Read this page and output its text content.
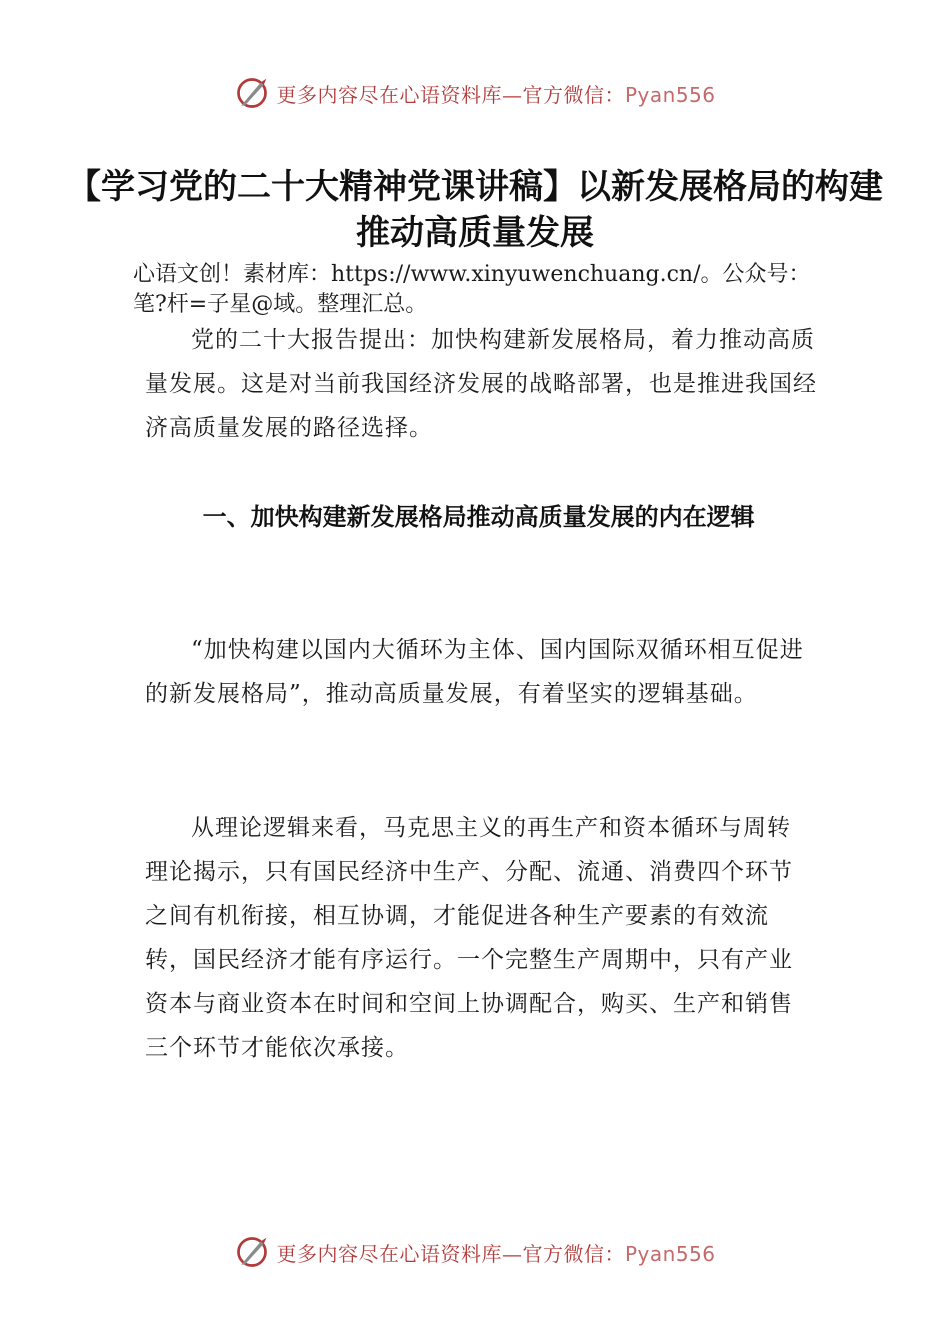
更多内容尽在心语资料库—官方微信：Pyan556
【学习党的二十大精神党课讲稿】以新发展格局的构建推动高质量发展

心语文创！素材库：https://www.xinyuwenchuang.cn/。公众号：笔?杆=子星@域。整理汇总。

党的二十大报告提出：加快构建新发展格局，着力推动高质量发展。这是对当前我国经济发展的战略部署，也是推进我国经济高质量发展的路径选择。

一、加快构建新发展格局推动高质量发展的内在逻辑

“加快构建以国内大循环为主体、国内国际双循环相互促进的新发展格局”，推动高质量发展，有着坚实的逻辑基础。

从理论逻辑来看，马克思主义的再生产和资本循环与周转理论揭示，只有国民经济中生产、分配、流通、消费四个环节之间有机衔接，相互协调，才能促进各种生产要素的有效流转，国民经济才能有序运行。一个完整生产周期中，只有产业资本与商业资本在时间和空间上协调配合，购买、生产和销售三个环节才能依次承接。

更多内容尽在心语资料库—官方微信：Pyan556
